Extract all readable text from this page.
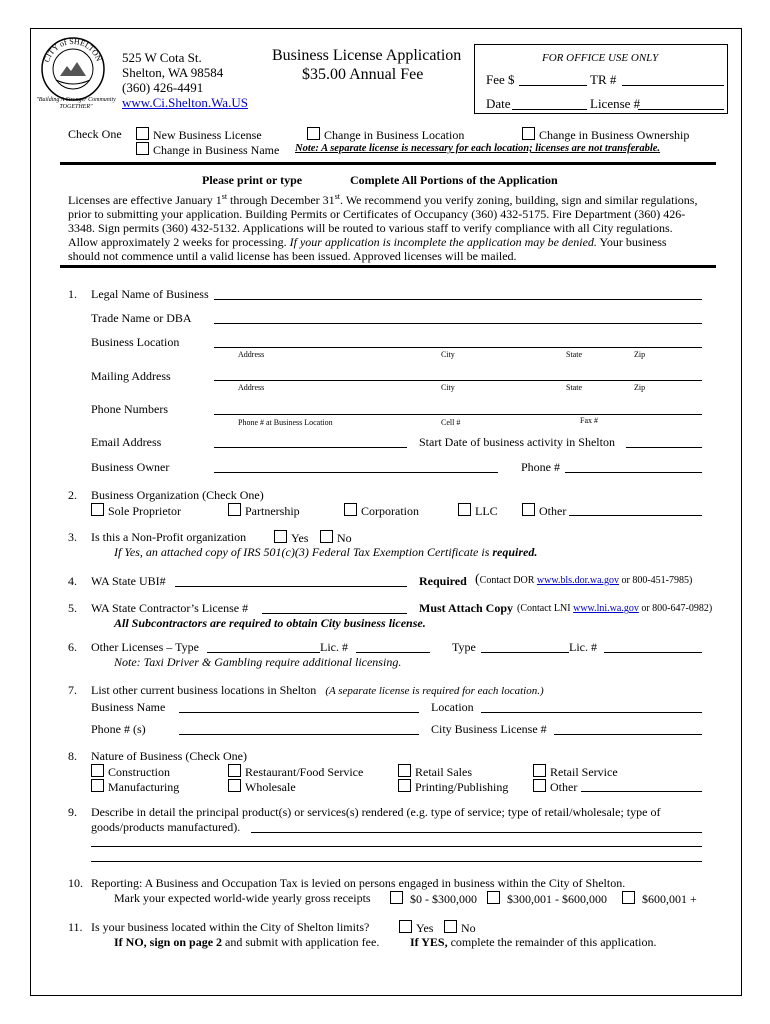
CITY of SHELTON
"Building A Stronger Community TOGETHER"
525 W Cota St.
Shelton, WA 98584
(360) 426-4491
www.Ci.Shelton.Wa.US
Business License Application
$35.00 Annual Fee
FOR OFFICE USE ONLY
Fee $	TR #
Date	License #
Check One	New Business License
Change in Business Name
Change in Business Location	Change in Business Ownership
Note: A separate license is necessary for each location; licenses are not transferable.
Please print or type	Complete All Portions of the Application
Licenses are effective January 1st through December 31st. We recommend you verify zoning, building, sign and similar regulations,
prior to submitting your application. Building Permits or Certificates of Occupancy (360) 432-5175. Fire Department (360) 426-
3348. Sign permits (360) 432-5132. Applications will be routed to various staff to verify compliance with all City regulations.
Allow approximately 2 weeks for processing. If your application is incomplete the application may be denied. Your business
should not commence until a valid license has been issued. Approved licenses will be mailed.
1. Legal Name of Business
Trade Name or DBA
Business Location
Address	City	State	Zip
Mailing Address
Address	City	State	Zip
Phone Numbers
Phone # at Business Location	Cell #	Fax #
Email Address	Start Date of business activity in Shelton
Business Owner	Phone #
2. Business Organization (Check One)
Sole Proprietor	Partnership	Corporation	LLC	Other
3. Is this a Non-Profit organization	Yes	No
If Yes, an attached copy of IRS 501(c)(3) Federal Tax Exemption Certificate is required.
4. WA State UBI#	Required (Contact DOR www.bls.dor.wa.gov or 800-451-7985)
5. WA State Contractor’s License #	Must Attach Copy (Contact LNI www.lni.wa.gov or 800-647-0982)
All Subcontractors are required to obtain City business license.
6. Other Licenses – Type	Lic. #	Type	Lic. #
Note: Taxi Driver & Gambling require additional licensing.
7. List other current business locations in Shelton (A separate license is required for each location.)
Business Name	Location
Phone # (s)	City Business License #
8. Nature of Business (Check One)
Construction	Restaurant/Food Service	Retail Sales	Retail Service
Manufacturing	Wholesale	Printing/Publishing	Other
9. Describe in detail the principal product(s) or services(s) rendered (e.g. type of service; type of retail/wholesale; type of
goods/products manufactured).
10. Reporting: A Business and Occupation Tax is levied on persons engaged in business within the City of Shelton.
Mark your expected world-wide yearly gross receipts	$0 - $300,000	$300,001 - $600,000	$600,001 +
11. Is your business located within the City of Shelton limits?	Yes	No
If NO, sign on page 2 and submit with application fee.	If YES, complete the remainder of this application.
